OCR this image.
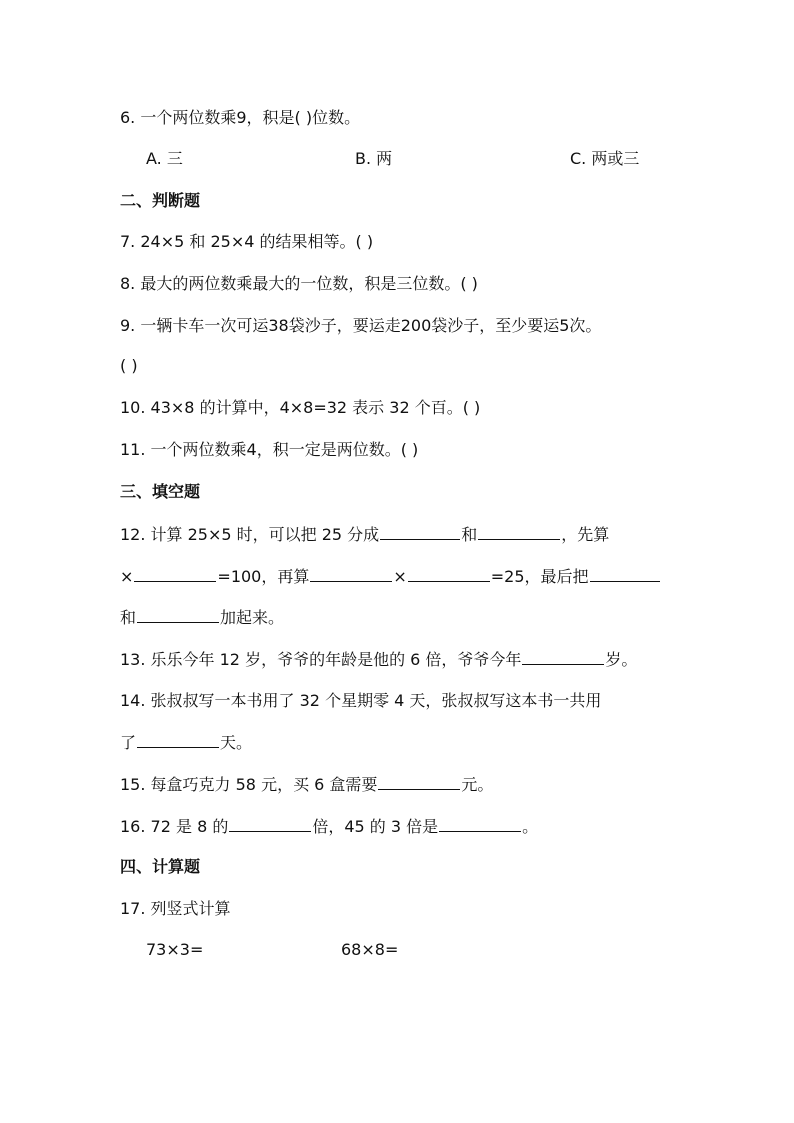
6. 一个两位数乘9，积是( )位数。
A. 三	B. 两	C. 两或三
二、判断题
7. 24×5 和 25×4 的结果相等。( )
8. 最大的两位数乘最大的一位数，积是三位数。( )
9. 一辆卡车一次可运38袋沙子，要运走200袋沙子，至少要运5次。
( )
10. 43×8 的计算中，4×8=32 表示 32 个百。( )
11. 一个两位数乘4，积一定是两位数。( )
三、填空题
12. 计算 25×5 时，可以把 25 分成	和	，先算
×	=100，再算	×	=25，最后把
和	加起来。
13. 乐乐今年 12 岁，爷爷的年龄是他的 6 倍，爷爷今年	岁。
14. 张叔叔写一本书用了 32 个星期零 4 天，张叔叔写这本书一共用
了	天。
15. 每盒巧克力 58 元，买 6 盒需要	元。
16. 72 是 8 的	倍，45 的 3 倍是	。
四、计算题
17. 列竖式计算
73×3=	68×8=
